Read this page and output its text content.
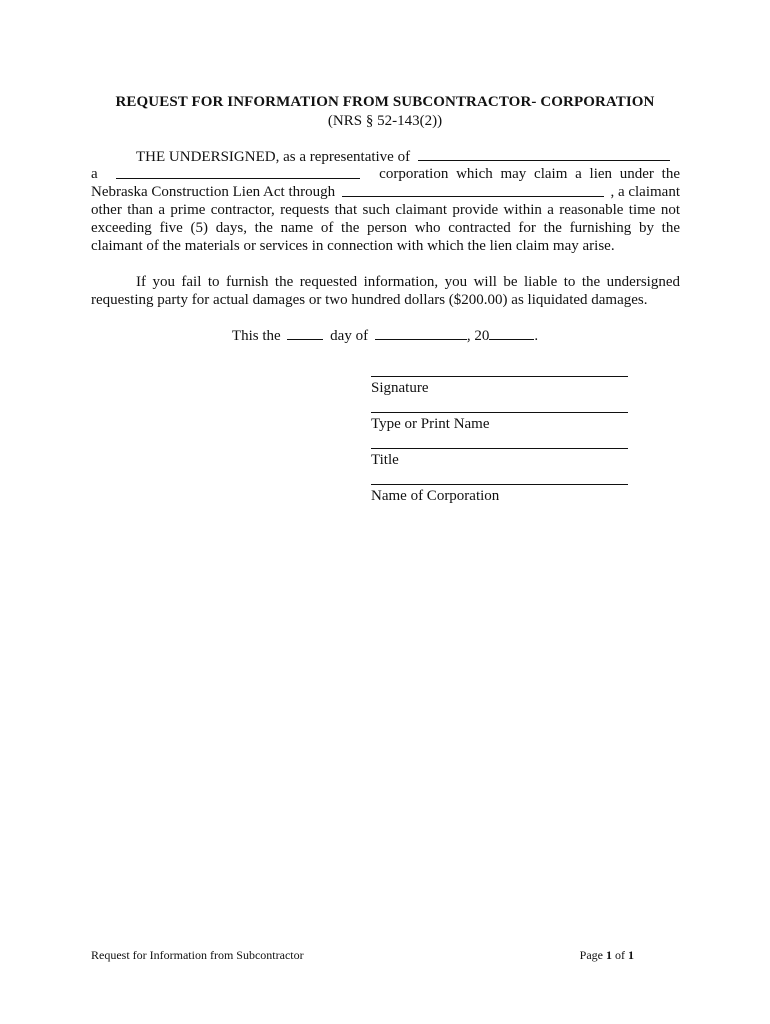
REQUEST FOR INFORMATION FROM SUBCONTRACTOR- CORPORATION
(NRS § 52-143(2))
THE UNDERSIGNED, as a representative of
a	corporation which may claim a lien under the
Nebraska Construction Lien Act through	, a claimant
other than a prime contractor, requests that such claimant provide within a reasonable time not
exceeding five (5) days, the name of the person who contracted for the furnishing by the
claimant of the materials or services in connection with which the lien claim may arise.
If you fail to furnish the requested information, you will be liable to the undersigned
requesting party for actual damages or two hundred dollars ($200.00) as liquidated damages.
This the	day of	, 20	.
Signature
Type or Print Name
Title
Name of Corporation
Request for Information from Subcontractor	Page 1 of 1
